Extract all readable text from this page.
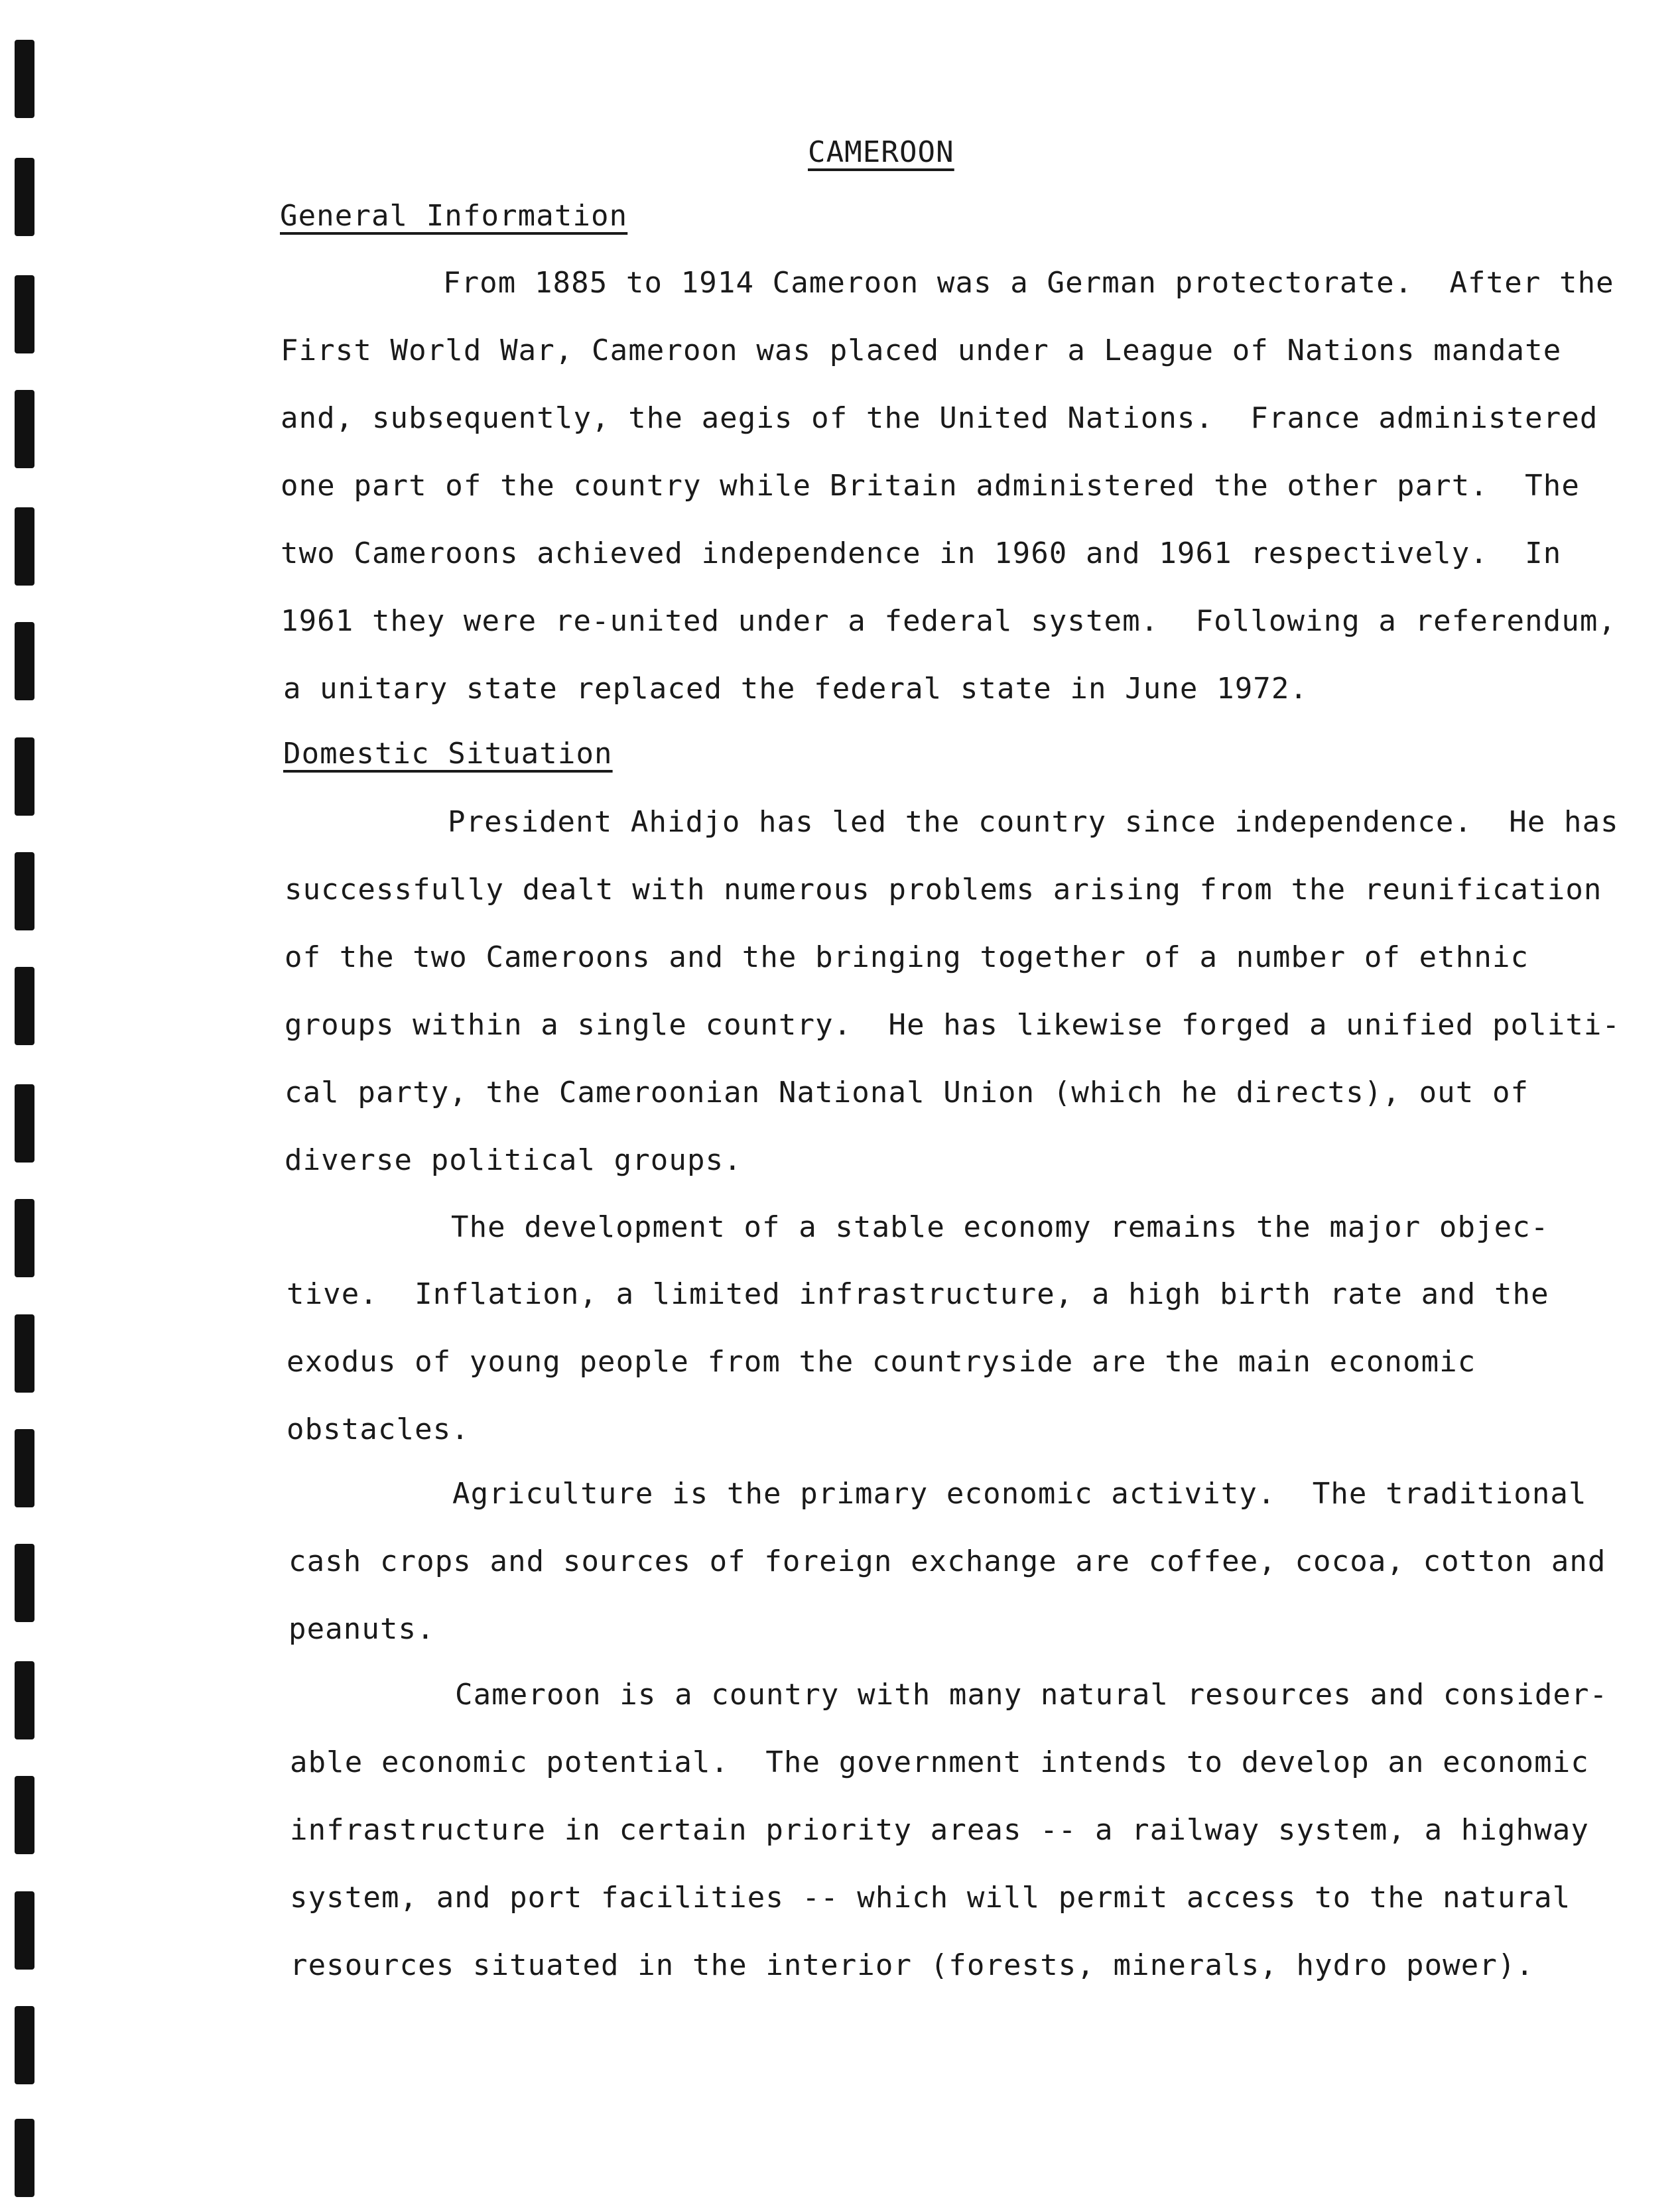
CAMEROON
General Information
From 1885 to 1914 Cameroon was a German protectorate.  After the
First World War, Cameroon was placed under a League of Nations mandate
and, subsequently, the aegis of the United Nations.  France administered
one part of the country while Britain administered the other part.  The
two Cameroons achieved independence in 1960 and 1961 respectively.  In
1961 they were re-united under a federal system.  Following a referendum,
a unitary state replaced the federal state in June 1972.
Domestic Situation
President Ahidjo has led the country since independence.  He has
successfully dealt with numerous problems arising from the reunification
of the two Cameroons and the bringing together of a number of ethnic
groups within a single country.  He has likewise forged a unified politi-
cal party, the Cameroonian National Union (which he directs), out of
diverse political groups.
The development of a stable economy remains the major objec-
tive.  Inflation, a limited infrastructure, a high birth rate and the
exodus of young people from the countryside are the main economic
obstacles.
Agriculture is the primary economic activity.  The traditional
cash crops and sources of foreign exchange are coffee, cocoa, cotton and
peanuts.
Cameroon is a country with many natural resources and consider-
able economic potential.  The government intends to develop an economic
infrastructure in certain priority areas -- a railway system, a highway
system, and port facilities -- which will permit access to the natural
resources situated in the interior (forests, minerals, hydro power).
